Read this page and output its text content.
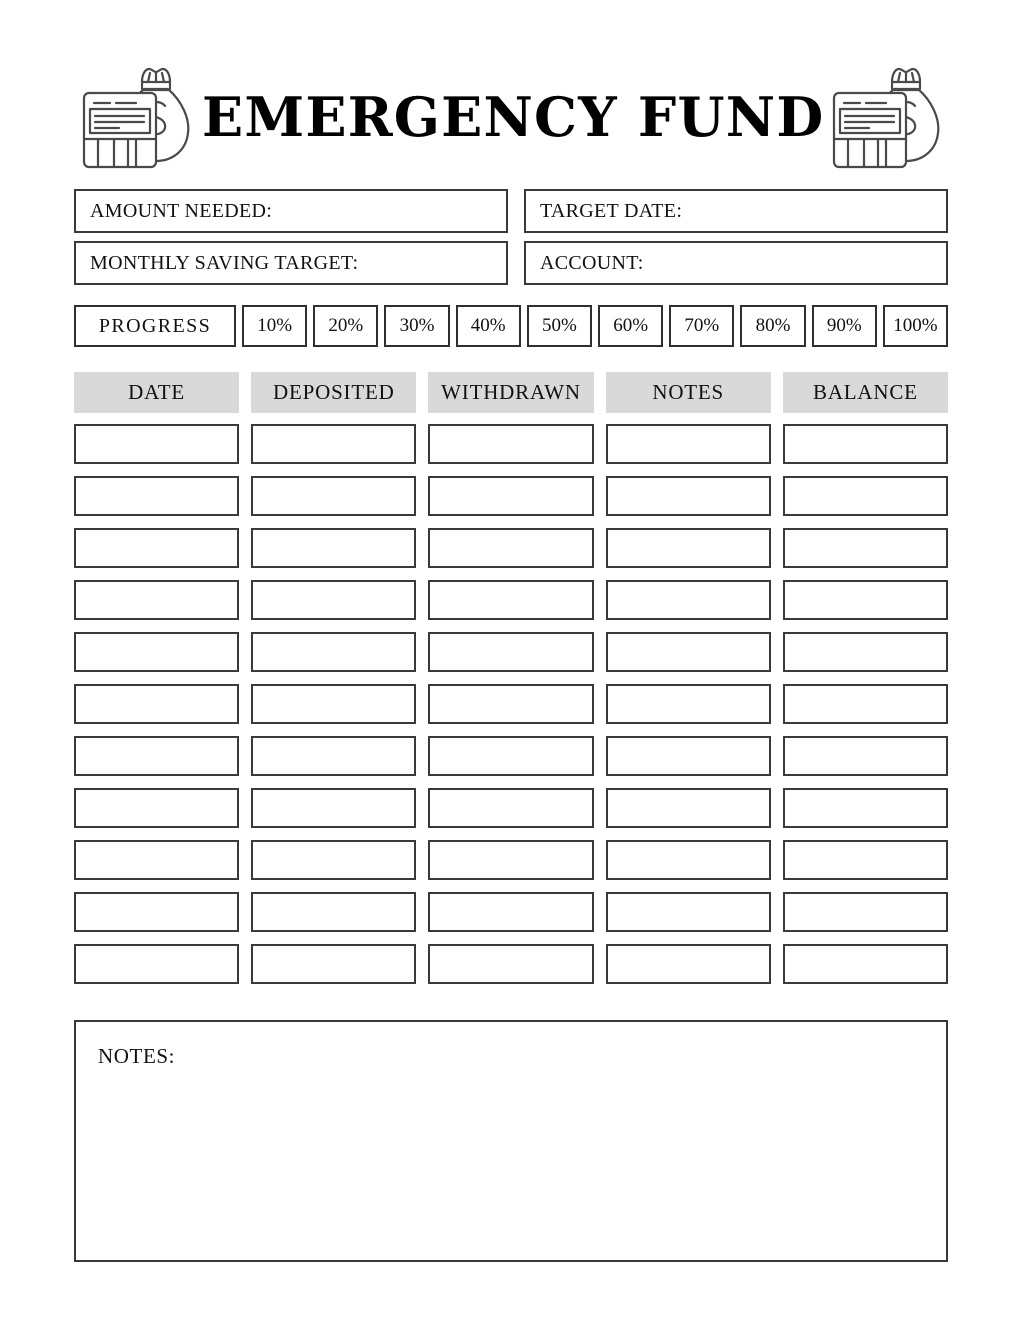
EMERGENCY FUND
AMOUNT NEEDED:	TARGET DATE:
MONTHLY SAVING TARGET:	ACCOUNT:
PROGRESS	10%	20%	30%	40%	50%	60%	70%	80%	90%	100%
DATE	DEPOSITED	WITHDRAWN	NOTES	BALANCE
NOTES:
